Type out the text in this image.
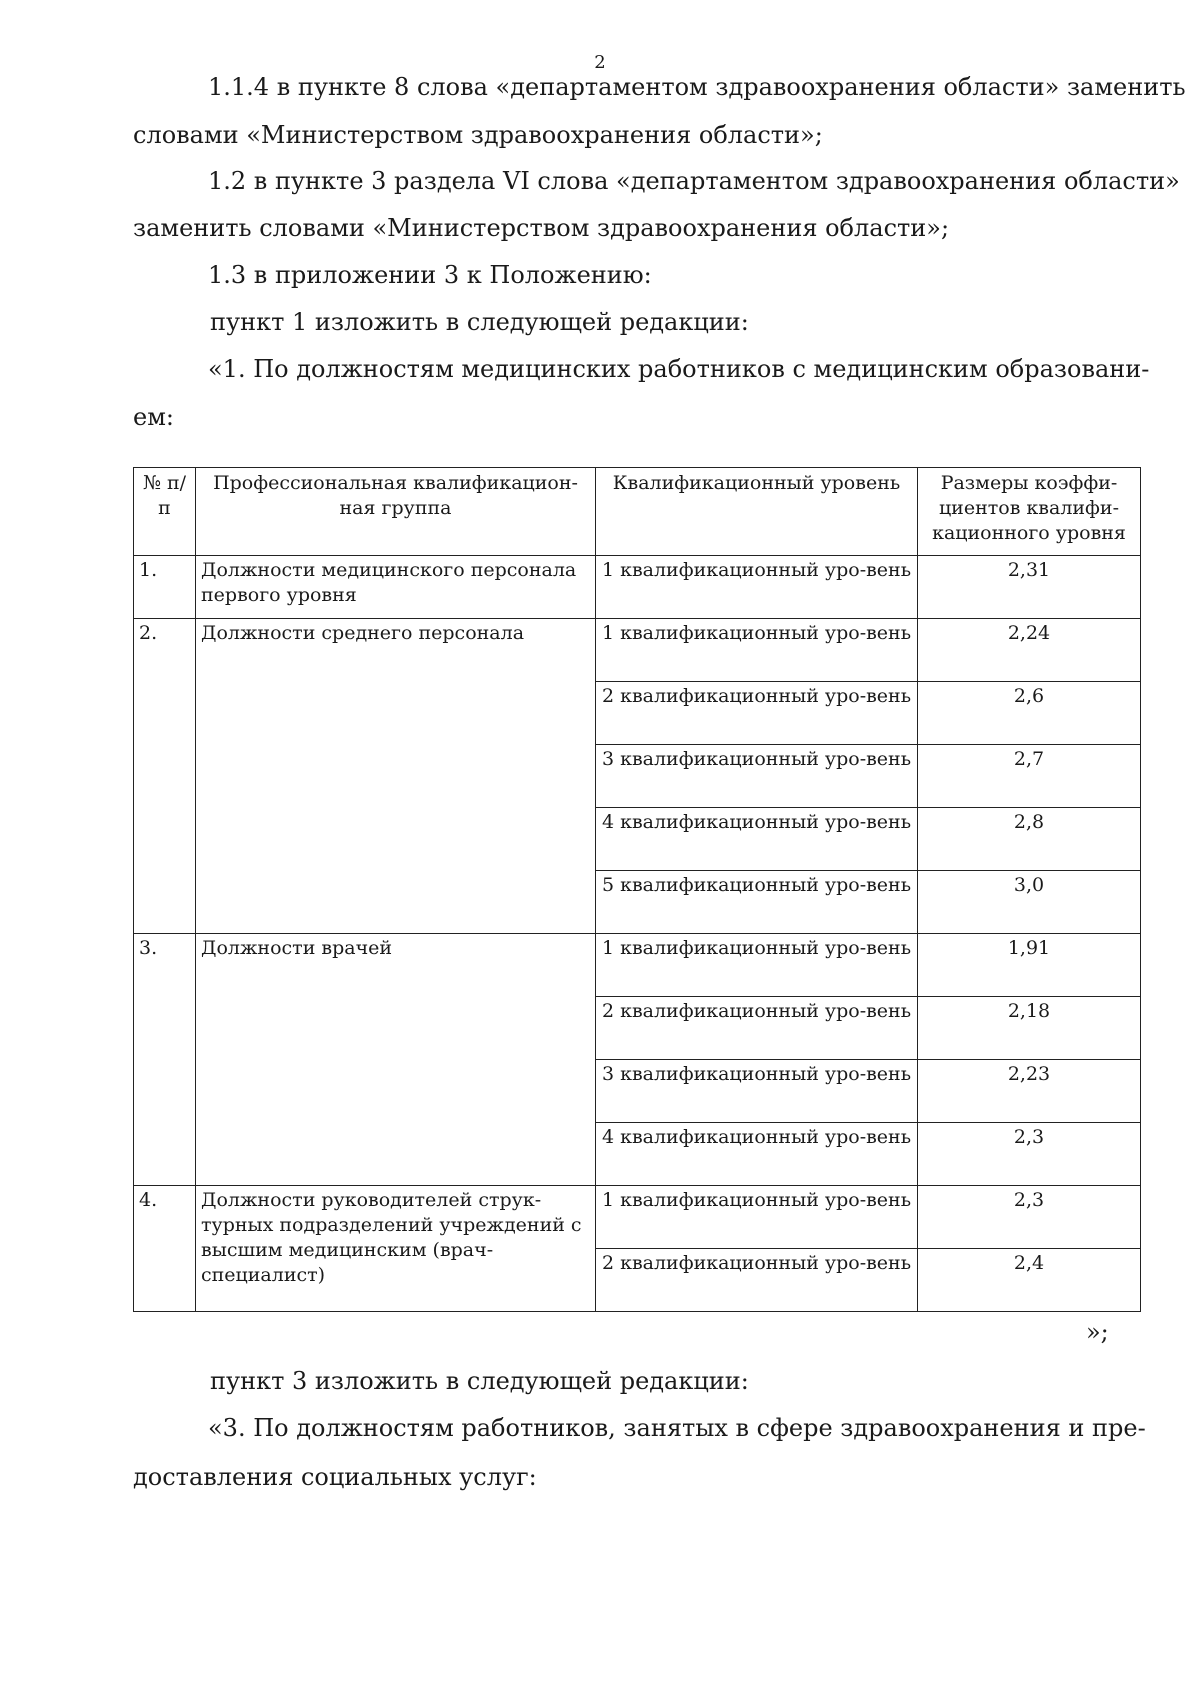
2
1.1.4 в пункте 8 слова «департаментом здравоохранения области» заменить
словами «Министерством здравоохранения области»;
1.2 в пункте 3 раздела VI слова «департаментом здравоохранения области»
заменить словами «Министерством здравоохранения области»;
1.3 в приложении 3 к Положению:
пункт 1 изложить в следующей редакции:
«1. По должностям медицинских работников с медицинским образовани-
ем:
№ п/п	Профессиональная квалификацион-ная группа	Квалификационный уровень	Размеры коэффи-циентов квалифи-кационного уровня
1.	Должности медицинского персонала первого уровня	1 квалификационный уро-вень	2,31
2.	Должности среднего персонала	1 квалификационный уро-вень	2,24
		2 квалификационный уро-вень	2,6
		3 квалификационный уро-вень	2,7
		4 квалификационный уро-вень	2,8
		5 квалификационный уро-вень	3,0
3.	Должности врачей	1 квалификационный уро-вень	1,91
		2 квалификационный уро-вень	2,18
		3 квалификационный уро-вень	2,23
		4 квалификационный уро-вень	2,3
4.	Должности руководителей струк-турных подразделений учреждений с высшим медицинским (врач-специалист)	1 квалификационный уро-вень	2,3
		2 квалификационный уро-вень	2,4
»;
пункт 3 изложить в следующей редакции:
«3. По должностям работников, занятых в сфере здравоохранения и пре-
доставления социальных услуг:
